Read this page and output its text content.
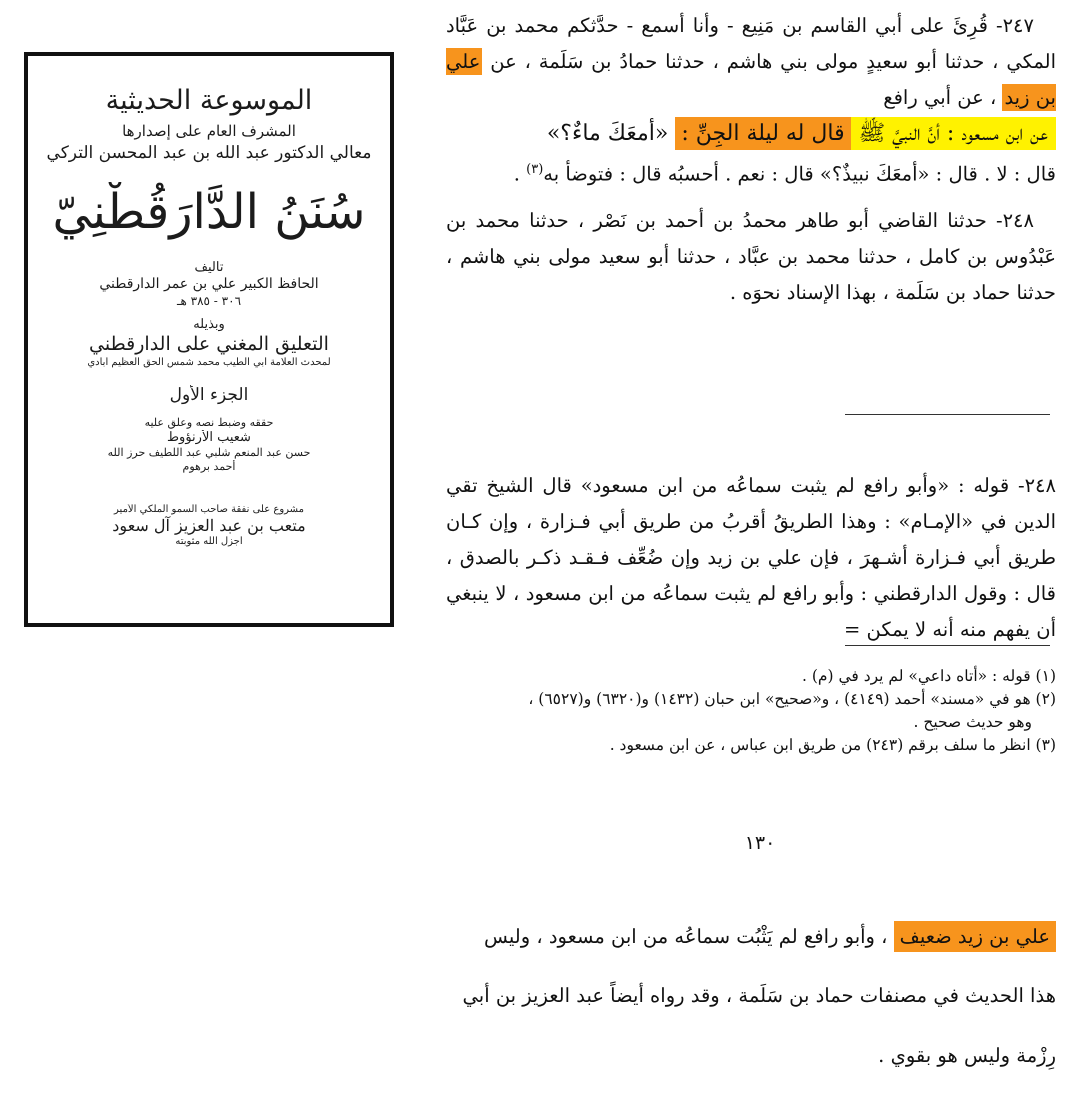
الموسوعة الحديثية
المشرف العام على إصدارها
معالي الدكتور عبد الله بن عبد المحسن التركي
سُنَنُ الدَّارَقُطْنِيّ
تأليف
الحافظ الكبير علي بن عمر الدارقطني
٣٠٦ - ٣٨٥ هـ
وبذيله
التعليق المغني على الدارقطني
لمحدث العلامة أبي الطيب محمد شمس الحق العظيم آبادي
الجزء الأول
حققه وضبط نصه وعلق عليه
شعيب الأرنؤوط
حسن عبد المنعم شلبي عبد اللطيف حرز الله
أحمد برهوم
مشروع على نفقة صاحب السمو الملكي الأمير
متعب بن عبد العزيز آل سعود
أجزل الله مثوبته

٢٤٧- قُرِئَ على أبي القاسم بن مَنِيع - وأنا أسمع - حدَّثكم محمد بن عَبَّاد المكي ، حدثنا أبو سعيدٍ مولى بني هاشم ، حدثنا حمادُ بن سَلَمة ، عن علي بن زيد ، عن أبي رافع

عن ابن مسعود : أنَّ النبيَّ ﷺقال له ليلة الجِنِّ : «أمعَكَ ماءٌ؟»

قال : لا . قال : «أمعَكَ نبيذٌ؟» قال : نعم . أحسبُه قال : فتوضأ به$^{(٣)}$ .

٢٤٨- حدثنا القاضي أبو طاهر محمدُ بن أحمد بن نَصْر ، حدثنا محمد بن عَبْدُوس بن كامل ، حدثنا محمد بن عبَّاد ، حدثنا أبو سعيد مولى بني هاشم ، حدثنا حماد بن سَلَمة ، بهذا الإسناد نحوَه .

٢٤٨- قوله : «وأبو رافع لم يثبت سماعُه من ابن مسعود» قال الشيخ تقي الدين في «الإمـام» : وهذا الطريقُ أقربُ من طريق أبي فـزارة ، وإن كـان طريق أبي فـزارة أشـهرَ ، فإن علي بن زيد وإن ضُعِّف فـقـد ذكـر بالصدق ، قال : وقول الدارقطني : وأبو رافع لم يثبت سماعُه من ابن مسعود ، لا ينبغي أن يفهم منه أنه لا يمكن =

(١) قوله : «أتاه داعي» لم يرد في (م) .

(٢) هو في «مسند» أحمد (٤١٤٩) ، و«صحيح» ابن حبان (١٤٣٢) و(٦٣٢٠) و(٦٥٢٧) ،

وهو حديث صحيح .

(٣) انظر ما سلف برقم (٢٤٣) من طريق ابن عباس ، عن ابن مسعود .

١٣٠

علي بن زيد ضعيف ، وأبو رافع لم يَثْبُت سماعُه من ابن مسعود ، وليس

هذا الحديث في مصنفات حماد بن سَلَمة ، وقد رواه أيضاً عبد العزيز بن أبي

رِزْمة وليس هو بقوي .
